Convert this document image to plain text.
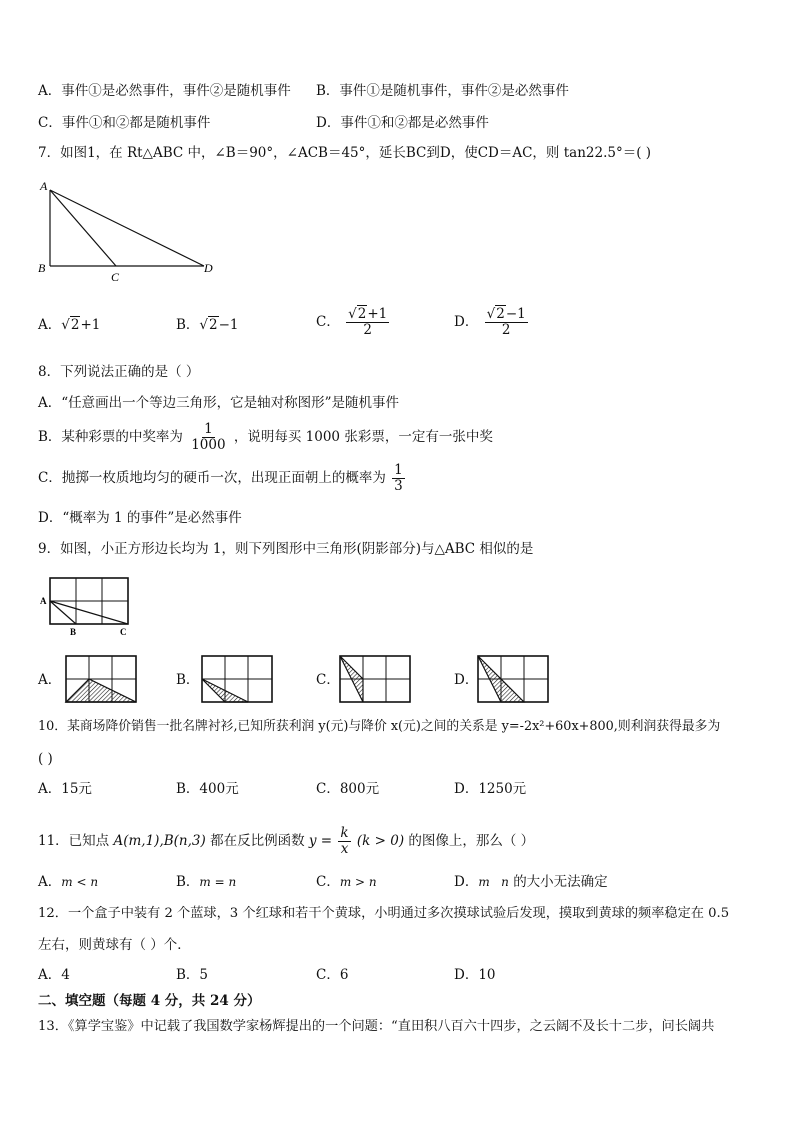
A．事件①是必然事件，事件②是随机事件 B．事件①是随机事件，事件②是必然事件
C．事件①和②都是随机事件	D．事件①和②都是必然事件
7．如图1，在 Rt△ABC 中，∠B＝90°，∠ACB＝45°，延长BC到D，使CD＝AC，则 tan22.5°＝( )
A
B
C
D
A．√2+1	B．√2−1	C． $\frac{√2+1}{2}$	D． $\frac{√2-1}{2}$
8．下列说法正确的是（ ）
A．“任意画出一个等边三角形，它是轴对称图形”是随机事件
B．某种彩票的中奖率为 $\frac{1}{1000}$ ，说明每买 1000 张彩票，一定有一张中奖
C．抛掷一枚质地均匀的硬币一次，出现正面朝上的概率为 $\frac{1}{3}$
D．“概率为 1 的事件”是必然事件
9．如图，小正方形边长均为 1，则下列图形中三角形(阴影部分)与△ABC 相似的是
A
B	C
A．	B．	C．	D．
10．某商场降价销售一批名牌衬衫,已知所获利润 y(元)与降价 x(元)之间的关系是 y=-2x²+60x+800,则利润获得最多为
( )
A．15元	B．400元	C．800元	D．1250元
11．已知点 A(m,1),B(n,3) 都在反比例函数 $y = \frac{k}{x} (k > 0)$ 的图像上，那么（ ）
A．m < n	B．m = n	C．m > n	D．m   n 的大小无法确定
12．一个盒子中装有 2 个蓝球，3 个红球和若干个黄球，小明通过多次摸球试验后发现，摸取到黄球的频率稳定在 0.5
左右，则黄球有（ ）个．
A．4	B．5	C．6	D．10
二、填空题（每题 4 分，共 24 分）
13．《算学宝鉴》中记载了我国数学家杨辉提出的一个问题：“直田积八百六十四步，之云阔不及长十二步，问长阔共
